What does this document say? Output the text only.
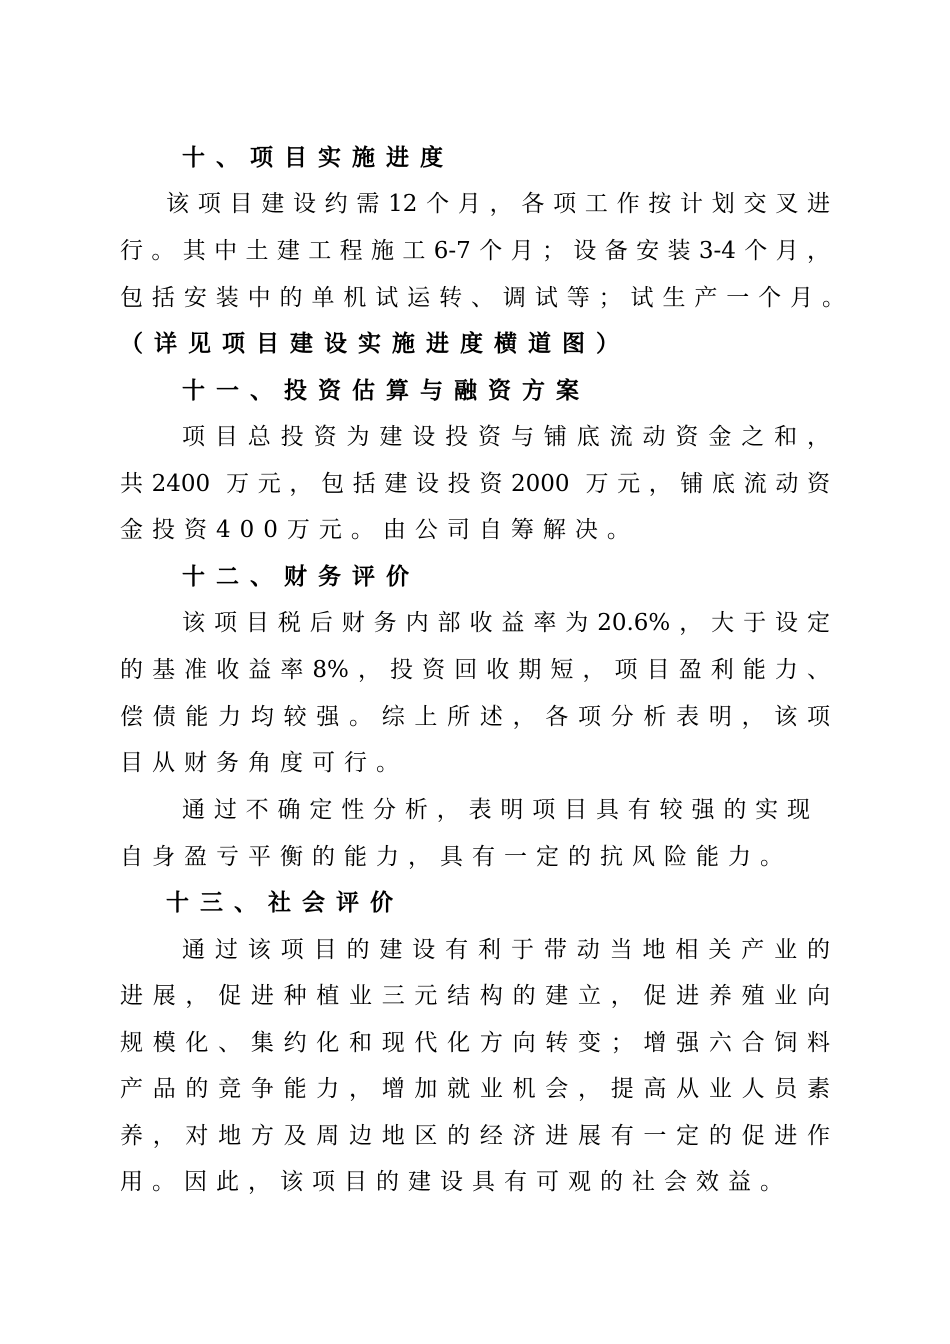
十、项目实施进度
该项目建设约需12个月，各项工作按计划交叉进
行。其中土建工程施工6-7个月；设备安装3-4个月，
包括安装中的单机试运转、调试等；试生产一个月。
（详见项目建设实施进度横道图）
十一、投资估算与融资方案
项目总投资为建设投资与铺底流动资金之和，
共2400 万元，包括建设投资2000 万元，铺底流动资
金投资400万元。由公司自筹解决。
十二、财务评价
该项目税后财务内部收益率为20.6%，大于设定
的基准收益率8%，投资回收期短，项目盈利能力、
偿债能力均较强。综上所述，各项分析表明，该项
目从财务角度可行。
通过不确定性分析，表明项目具有较强的实现
自身盈亏平衡的能力，具有一定的抗风险能力。
十三、社会评价
通过该项目的建设有利于带动当地相关产业的
进展，促进种植业三元结构的建立，促进养殖业向
规模化、集约化和现代化方向转变；增强六合饲料
产品的竞争能力，增加就业机会，提高从业人员素
养，对地方及周边地区的经济进展有一定的促进作
用。因此，该项目的建设具有可观的社会效益。
